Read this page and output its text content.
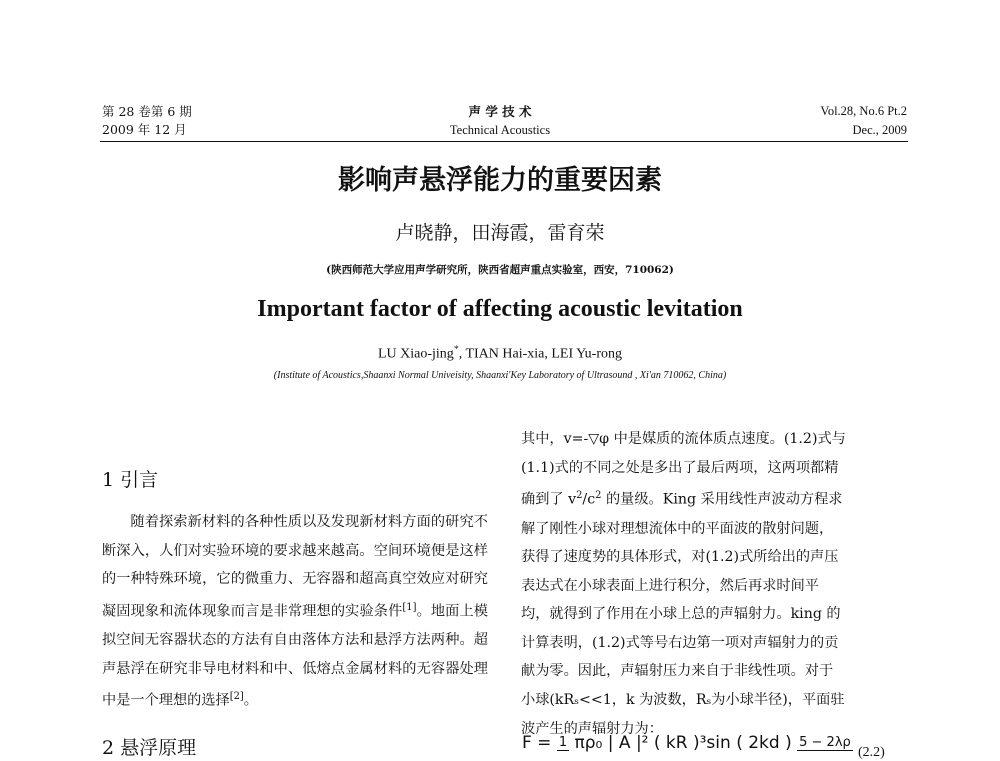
第 28 卷第 6 期
2009 年 12 月
声 学 技 术
Technical Acoustics
Vol.28, No.6 Pt.2
Dec., 2009
影响声悬浮能力的重要因素
卢晓静，田海霞，雷育荣
(陕西师范大学应用声学研究所，陕西省超声重点实验室，西安，710062)
Important factor of affecting acoustic levitation
LU Xiao-jing*, TIAN Hai-xia, LEI Yu-rong
(Institute of Acoustics,Shaanxi Normal Univeisity, Shaanxi'Key Laboratory of Ultrasound , Xi'an 710062, China)
1 引言

随着探索新材料的各种性质以及发现新材料方面的研究不断深入，人们对实验环境的要求越来越高。空间环境便是这样的一种特殊环境，它的微重力、无容器和超高真空效应对研究凝固现象和流体现象而言是非常理想的实验条件[1]。地面上模拟空间无容器状态的方法有自由落体方法和悬浮方法两种。超声悬浮在研究非导电材料和中、低熔点金属材料的无容器处理中是一个理想的选择[2]。

2 悬浮原理

其中，v=-▽φ 中是媒质的流体质点速度。(1.2)式与

(1.1)式的不同之处是多出了最后两项，这两项都精

确到了 $v^2/c^2$ 的量级。King 采用线性声波动方程求

解了刚性小球对理想流体中的平面波的散射问题，

获得了速度势的具体形式，对(1.2)式所给出的声压

表达式在小球表面上进行积分，然后再求时间平

均，就得到了作用在小球上总的声辐射力。king 的

计算表明，(1.2)式等号右边第一项对声辐射力的贡

献为零。因此，声辐射压力来自于非线性项。对于

小球(kRₛ<<1，k 为波数，Rₛ为小球半径)，平面驻

波产生的声辐射力为：

F = 1 πρ₀ | A |² ( kR )³sin ( 2kd ) 5 − 2λρ
(2.2)
